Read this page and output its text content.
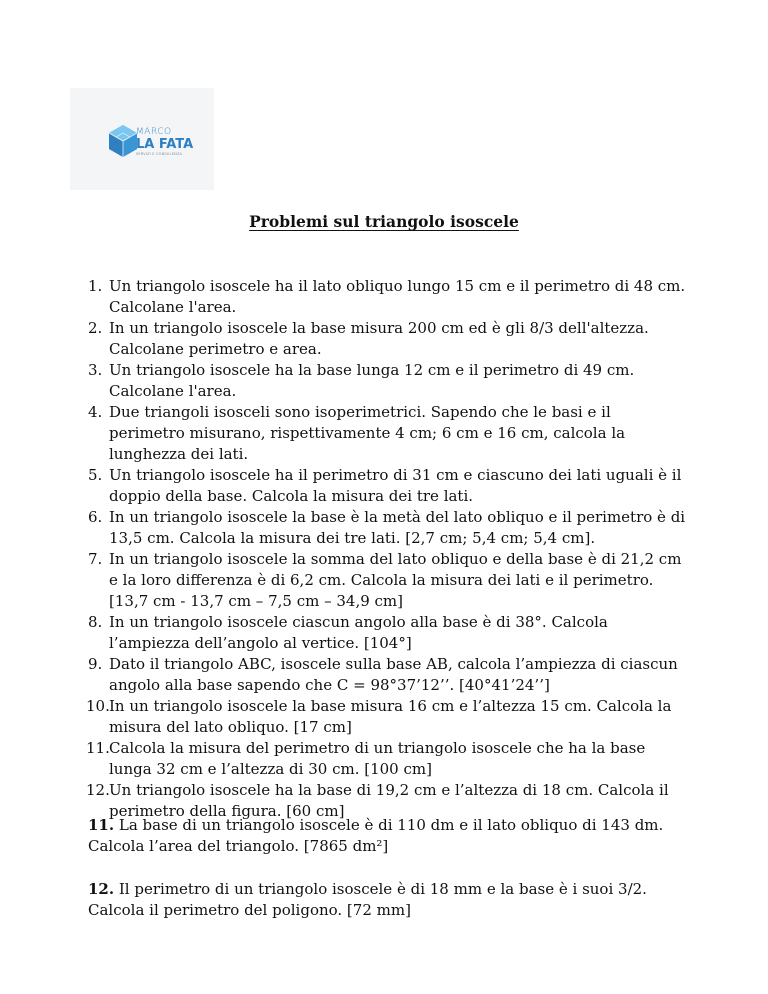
MARCO
LA FATA
SERVIZI E CONSULENZA
Problemi sul triangolo isoscele
1. Un triangolo isoscele ha il lato obliquo lungo 15 cm e il perimetro di 48 cm. Calcolane l'area.
2. In un triangolo isoscele la base misura 200 cm ed è gli 8/3 dell'altezza. Calcolane perimetro e area.
3. Un triangolo isoscele ha la base lunga 12 cm e il perimetro di 49 cm. Calcolane l'area.
4. Due triangoli isosceli sono isoperimetrici. Sapendo che le basi e il perimetro misurano, rispettivamente 4 cm; 6 cm e 16 cm, calcola la lunghezza dei lati.
5. Un triangolo isoscele ha il perimetro di 31 cm e ciascuno dei lati uguali è il doppio della base. Calcola la misura dei tre lati.
6. In un triangolo isoscele la base è la metà del lato obliquo e il perimetro è di 13,5 cm. Calcola la misura dei tre lati. [2,7 cm; 5,4 cm; 5,4 cm].
7. In un triangolo isoscele la somma del lato obliquo e della base è di 21,2 cm e la loro differenza è di 6,2 cm. Calcola la misura dei lati e il perimetro. [13,7 cm - 13,7 cm – 7,5 cm – 34,9 cm]
8. In un triangolo isoscele ciascun angolo alla base è di 38°. Calcola l’ampiezza dell’angolo al vertice. [104°]
9. Dato il triangolo ABC, isoscele sulla base AB, calcola l’ampiezza di ciascun angolo alla base sapendo che C = 98°37’12’’. [40°41’24’’]
10. In un triangolo isoscele la base misura 16 cm e l’altezza 15 cm. Calcola la misura del lato obliquo. [17 cm]
11. Calcola la misura del perimetro di un triangolo isoscele che ha la base lunga 32 cm e l’altezza di 30 cm. [100 cm]
12. Un triangolo isoscele ha la base di 19,2 cm e l’altezza di 18 cm. Calcola il perimetro della figura. [60 cm]

11. La base di un triangolo isoscele è di 110 dm e il lato obliquo di 143 dm. Calcola l’area del triangolo. [7865 dm²]

12. Il perimetro di un triangolo isoscele è di 18 mm e la base è i suoi 3/2. Calcola il perimetro del poligono. [72 mm]
